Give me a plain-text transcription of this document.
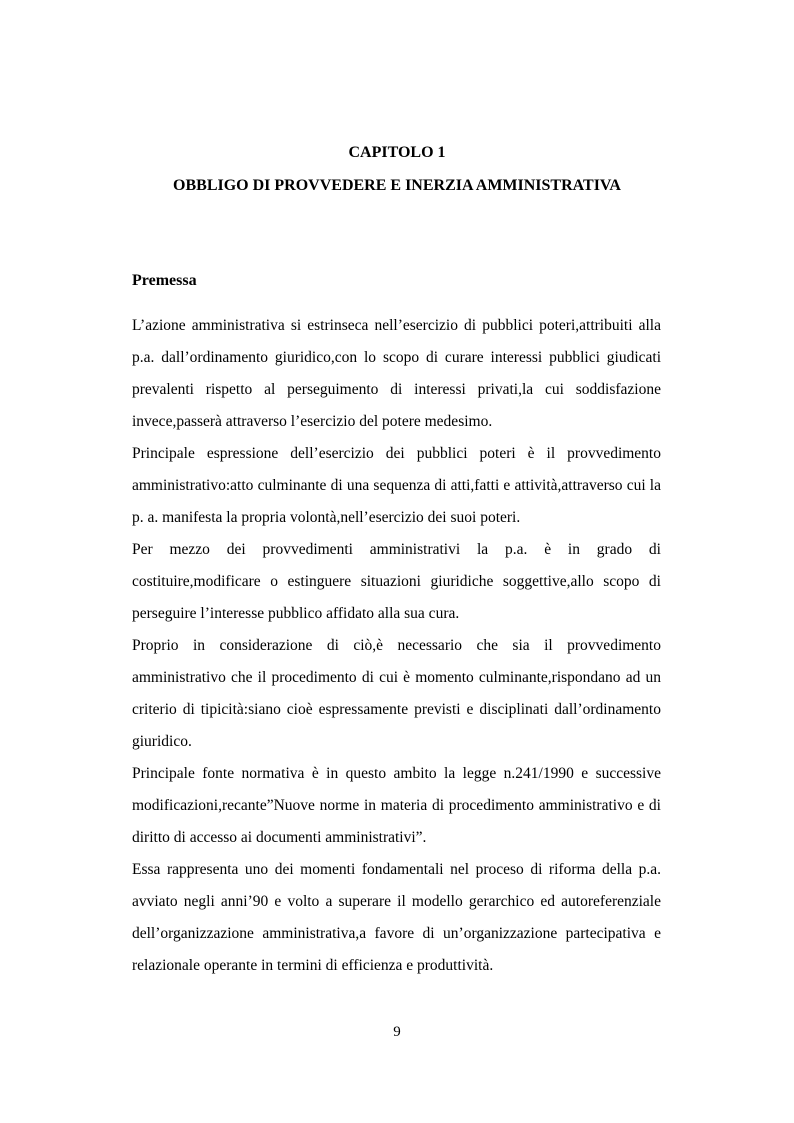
CAPITOLO 1
OBBLIGO DI PROVVEDERE E INERZIA AMMINISTRATIVA
Premessa

L’azione amministrativa si estrinseca nell’esercizio di pubblici poteri,attribuiti alla p.a. dall’ordinamento giuridico,con lo scopo di curare interessi pubblici giudicati prevalenti rispetto al perseguimento di interessi privati,la cui soddisfazione invece,passerà attraverso l’esercizio del potere medesimo.

Principale espressione dell’esercizio dei pubblici poteri è il provvedimento amministrativo:atto culminante di una sequenza di atti,fatti e attività,attraverso cui la p. a. manifesta la propria volontà,nell’esercizio dei suoi poteri.

Per mezzo dei provvedimenti amministrativi la p.a. è in grado di costituire,modificare o estinguere situazioni giuridiche soggettive,allo scopo di perseguire l’interesse pubblico affidato alla sua cura.

Proprio in considerazione di ciò,è necessario che sia il provvedimento amministrativo che il procedimento di cui è momento culminante,rispondano ad un criterio di tipicità:siano cioè espressamente previsti e disciplinati dall’ordinamento giuridico.

Principale fonte normativa è in questo ambito la legge n.241/1990 e successive modificazioni,recante”Nuove norme in materia di procedimento amministrativo e di diritto di accesso ai documenti amministrativi”.

Essa rappresenta uno dei momenti fondamentali nel proceso di riforma della p.a. avviato negli anni’90 e volto a superare il modello gerarchico ed autoreferenziale dell’organizzazione amministrativa,a favore di un’organizzazione partecipativa e relazionale operante in termini di efficienza e produttività.

9
